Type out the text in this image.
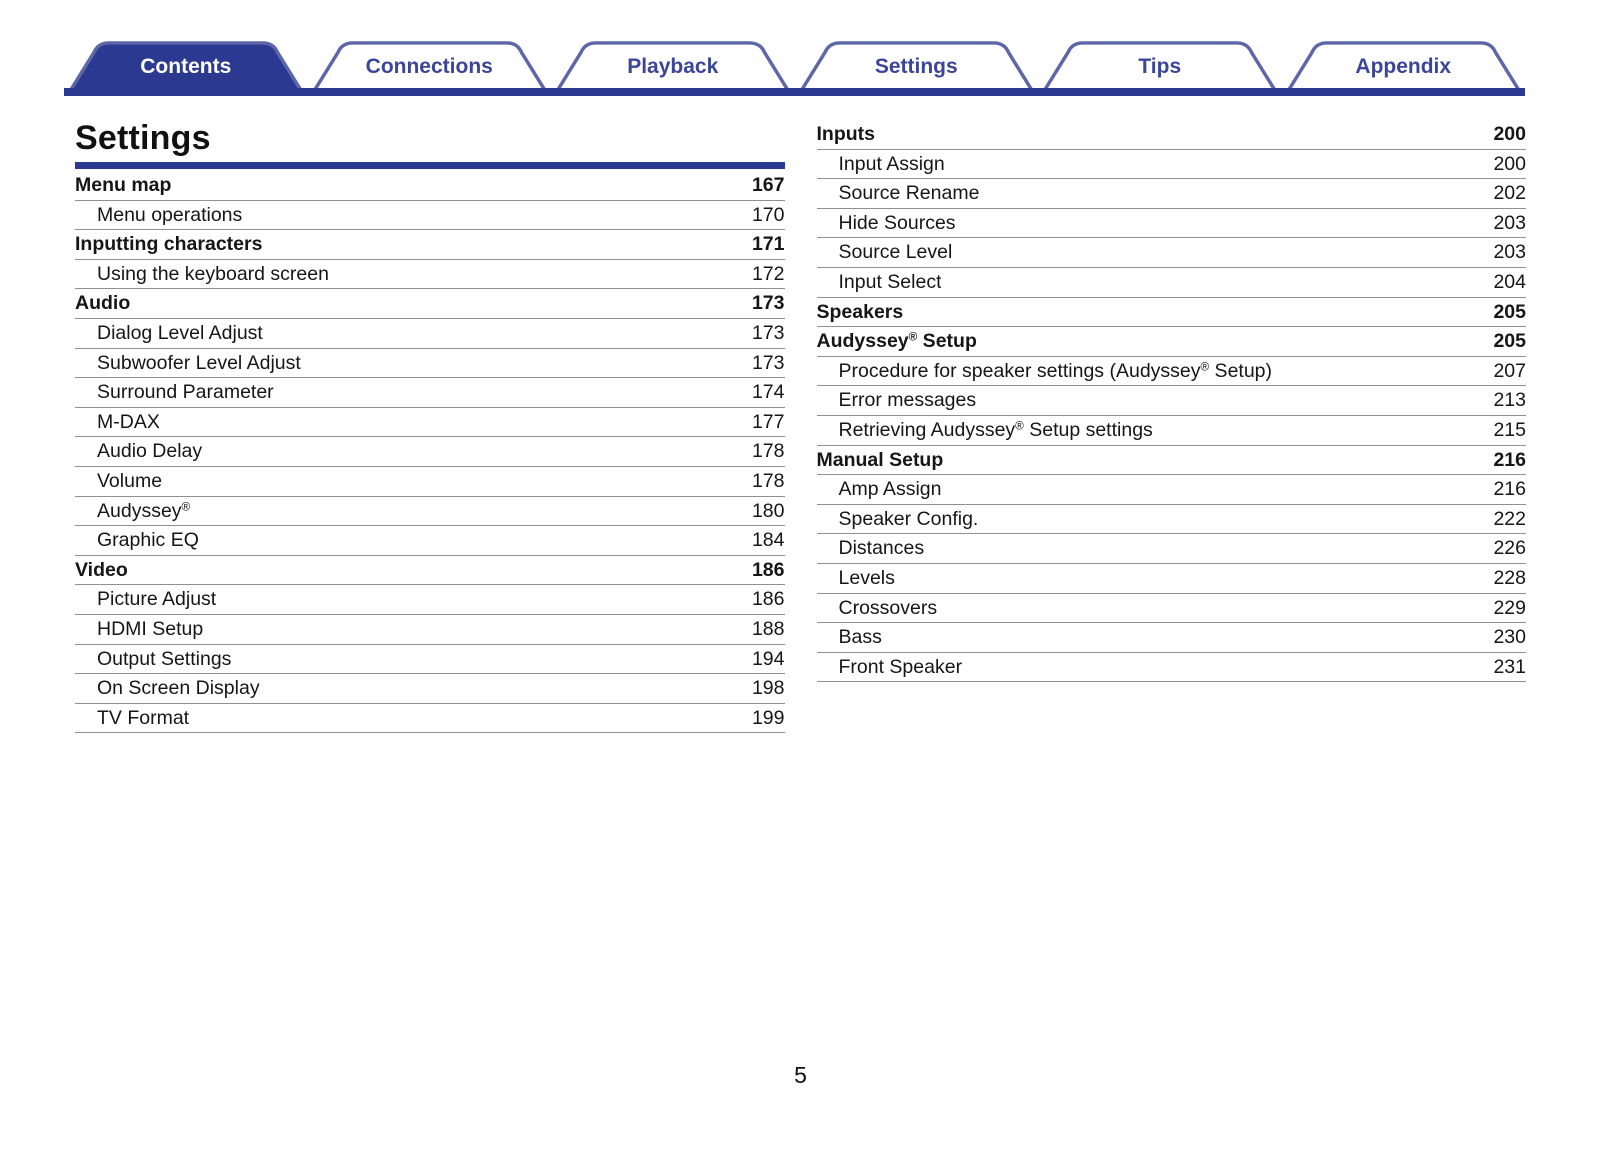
Contents	Connections	Playback	Settings	Tips	Appendix
Settings
Menu map	167
Menu operations	170
Inputting characters	171
Using the keyboard screen	172
Audio	173
Dialog Level Adjust	173
Subwoofer Level Adjust	173
Surround Parameter	174
M-DAX	177
Audio Delay	178
Volume	178
Audyssey®	180
Graphic EQ	184
Video	186
Picture Adjust	186
HDMI Setup	188
Output Settings	194
On Screen Display	198
TV Format	199
Inputs	200
Input Assign	200
Source Rename	202
Hide Sources	203
Source Level	203
Input Select	204
Speakers	205
Audyssey® Setup	205
Procedure for speaker settings (Audyssey® Setup)	207
Error messages	213
Retrieving Audyssey® Setup settings	215
Manual Setup	216
Amp Assign	216
Speaker Config.	222
Distances	226
Levels	228
Crossovers	229
Bass	230
Front Speaker	231
5
